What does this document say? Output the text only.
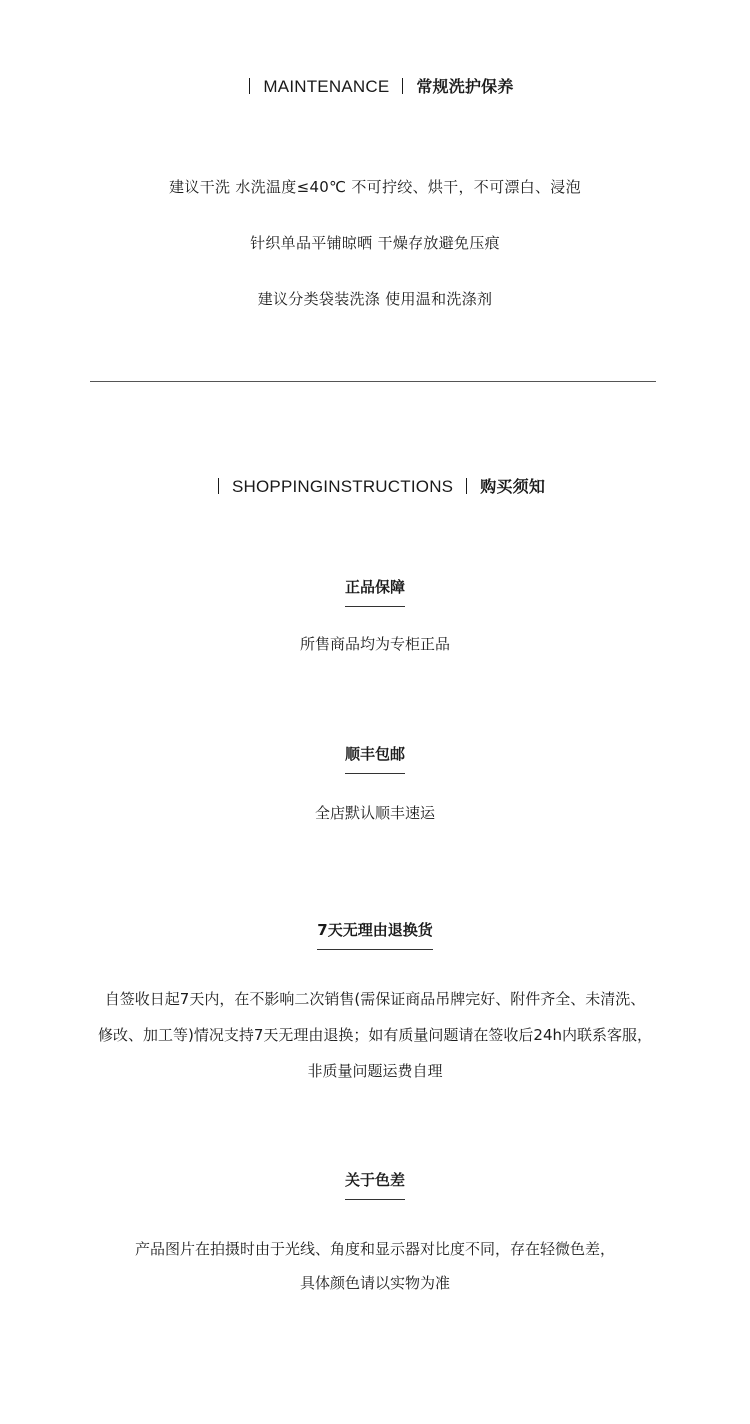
MAINTENANCE 常规洗护保养
建议干洗 水洗温度≤40℃ 不可拧绞、烘干，不可漂白、浸泡
针织单品平铺晾晒 干燥存放避免压痕
建议分类袋装洗涤 使用温和洗涤剂
SHOPPINGINSTRUCTIONS 购买须知
正品保障
所售商品均为专柜正品
顺丰包邮
全店默认顺丰速运
7天无理由退换货
自签收日起7天内，在不影响二次销售(需保证商品吊牌完好、附件齐全、未清洗、
修改、加工等)情况支持7天无理由退换；如有质量问题请在签收后24h内联系客服，
非质量问题运费自理
关于色差
产品图片在拍摄时由于光线、角度和显示器对比度不同，存在轻微色差，
具体颜色请以实物为准
